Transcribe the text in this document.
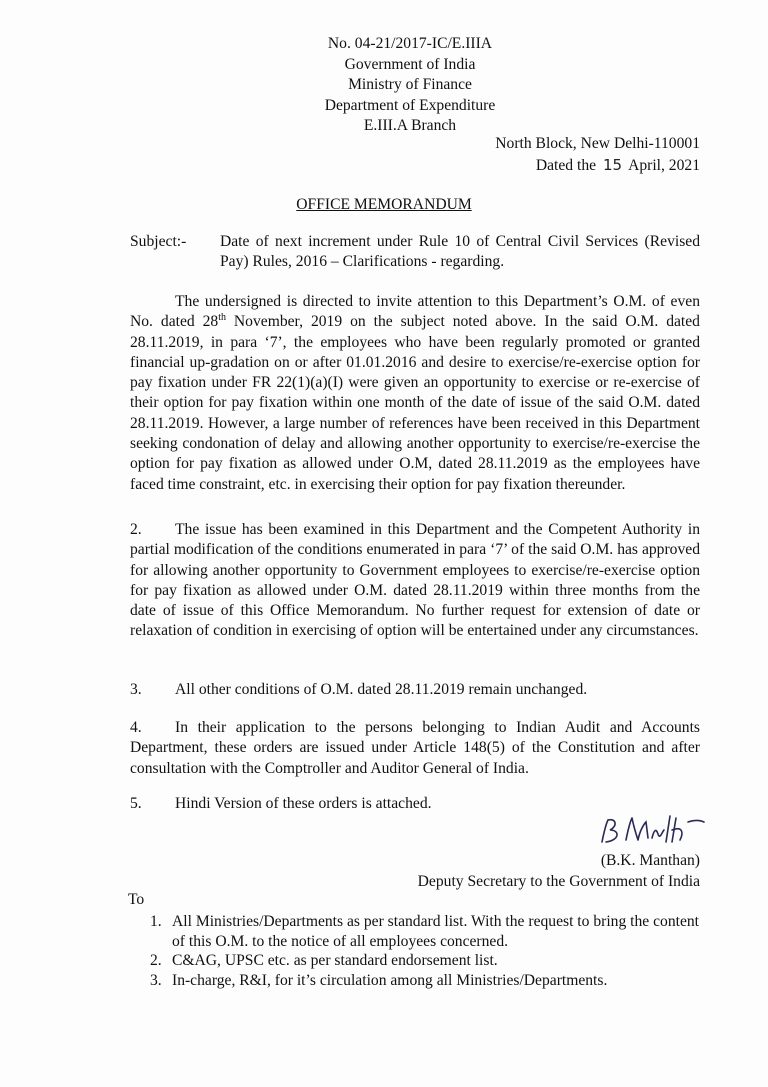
No. 04-21/2017-IC/E.IIIA
Government of India
Ministry of Finance
Department of Expenditure
E.III.A Branch
North Block, New Delhi-110001
Dated the 15 April, 2021
OFFICE MEMORANDUM
Subject:- Date of next increment under Rule 10 of Central Civil Services (Revised Pay) Rules, 2016 – Clarifications - regarding.
The undersigned is directed to invite attention to this Department’s O.M. of even No. dated 28th November, 2019 on the subject noted above. In the said O.M. dated 28.11.2019, in para ‘7’, the employees who have been regularly promoted or granted financial up-gradation on or after 01.01.2016 and desire to exercise/re-exercise option for pay fixation under FR 22(1)(a)(I) were given an opportunity to exercise or re-exercise of their option for pay fixation within one month of the date of issue of the said O.M. dated 28.11.2019. However, a large number of references have been received in this Department seeking condonation of delay and allowing another opportunity to exercise/re-exercise the option for pay fixation as allowed under O.M, dated 28.11.2019 as the employees have faced time constraint, etc. in exercising their option for pay fixation thereunder.
2. The issue has been examined in this Department and the Competent Authority in partial modification of the conditions enumerated in para ‘7’ of the said O.M. has approved for allowing another opportunity to Government employees to exercise/re-exercise option for pay fixation as allowed under O.M. dated 28.11.2019 within three months from the date of issue of this Office Memorandum. No further request for extension of date or relaxation of condition in exercising of option will be entertained under any circumstances.
3. All other conditions of O.M. dated 28.11.2019 remain unchanged.
4. In their application to the persons belonging to Indian Audit and Accounts Department, these orders are issued under Article 148(5) of the Constitution and after consultation with the Comptroller and Auditor General of India.
5. Hindi Version of these orders is attached.
(B.K. Manthan)
Deputy Secretary to the Government of India
To
1. All Ministries/Departments as per standard list. With the request to bring the content of this O.M. to the notice of all employees concerned.
2. C&AG, UPSC etc. as per standard endorsement list.
3. In-charge, R&I, for it’s circulation among all Ministries/Departments.
